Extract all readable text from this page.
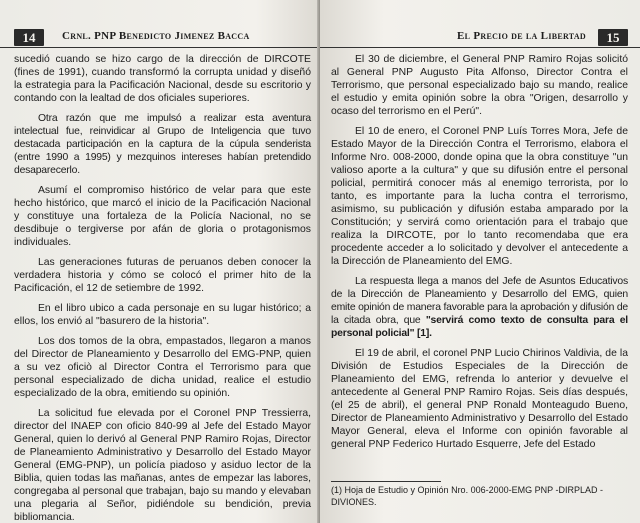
14	Crnl. PNP Benedicto Jimenez Bacca

sucedió cuando se hizo cargo de la dirección de DIRCOTE (fines de 1991), cuando transformó la corrupta unidad y diseñó la estrategia para la Pacificación Nacional, desde su escritorio y contando con la lealtad de dos oficiales superiores.

Otra razón que me impulsó a realizar esta aventura intelectual fue, reinvidicar al Grupo de Inteligencia que tuvo destacada participación en la captura de la cúpula senderista (entre 1990 a 1995) y mezquinos intereses habían pretendido desaparecerlo.

Asumí el compromiso histórico de velar para que este hecho histórico, que marcó el inicio de la Pacificación Nacional y constituye una fortaleza de la Policía Nacional, no se desdibuje o tergiverse por afán de gloria o protagonismos individuales.

Las generaciones futuras de peruanos deben conocer la verdadera historia y cómo se colocó el primer hito de la Pacificación, el 12 de setiembre de 1992.

En el libro ubico a cada personaje en su lugar histórico; a ellos, los envió al "basurero de la historia".

Los dos tomos de la obra, empastados, llegaron a manos del Director de Planeamiento y Desarrollo del EMG-PNP, quien a su vez oficiò al Director Contra el Terrorismo para que personal especializado de dicha unidad, realice el estudio especializado de la obra, emitiendo su opinión.

La solicitud fue elevada por el Coronel PNP Tressierra, director del INAEP con oficio 840-99 al Jefe del Estado Mayor General, quien lo derivó al General PNP Ramiro Rojas, Director de Planeamiento Administrativo y Desarrollo del Estado Mayor General (EMG-PNP), un policía piadoso y asiduo lector de la Biblia, quien todas las mañanas, antes de empezar las labores, congregaba al personal que trabajan, bajo su mando y elevaban una plegaria al Señor, pidiéndole su bendición, previa bibliomancia.

El Precio de la Libertad	15

El 30 de diciembre, el General PNP Ramiro Rojas solicitó al General PNP Augusto Pita Alfonso, Director Contra el Terrorismo, que personal especializado bajo su mando, realice el estudio y emita opinión sobre la obra "Origen, desarrollo y ocaso del terrorismo en el Perú".

El 10 de enero, el Coronel PNP Luís Torres Mora, Jefe de Estado Mayor de la Dirección Contra el Terrorismo, elabora el Informe Nro. 008-2000, donde opina que la obra constituye "un valioso aporte a la cultura" y que su difusión entre el personal policial, permitirá conocer más al enemigo terrorista, por lo tanto, es importante para la lucha contra el terrorismo, asimismo, su publicación y difusión estaba amparado por la Constitución; y servirá como orientación para el trabajo que realiza la DIRCOTE, por lo tanto recomendaba que era procedente acceder a lo solicitado y devolver el antecedente a la Dirección de Planeamiento del EMG.

La respuesta llega a manos del Jefe de Asuntos Educativos de la Dirección de Planeamiento y Desarrollo del EMG, quien emite opinión de manera favorable para la aprobación y difusión de la citada obra, que "servirá como texto de consulta para el personal policial" [1].

El 19 de abril, el coronel PNP Lucio Chirinos Valdivia, de la División de Estudios Especiales de la Dirección de Planeamiento del EMG, refrenda lo anterior y devuelve el antecedente al General PNP Ramiro Rojas. Seis días después, (el 25 de abril), el general PNP Ronald Monteagudo Bueno, Director de Planeamiento Administrativo y Desarrollo del Estado Mayor General, eleva el Informe con opinión favorable al general PNP Federico Hurtado Esquerre, Jefe del Estado

(1) Hoja de Estudio y Opinión Nro. 006-2000-EMG PNP -DIRPLAD - DIVIONES.
